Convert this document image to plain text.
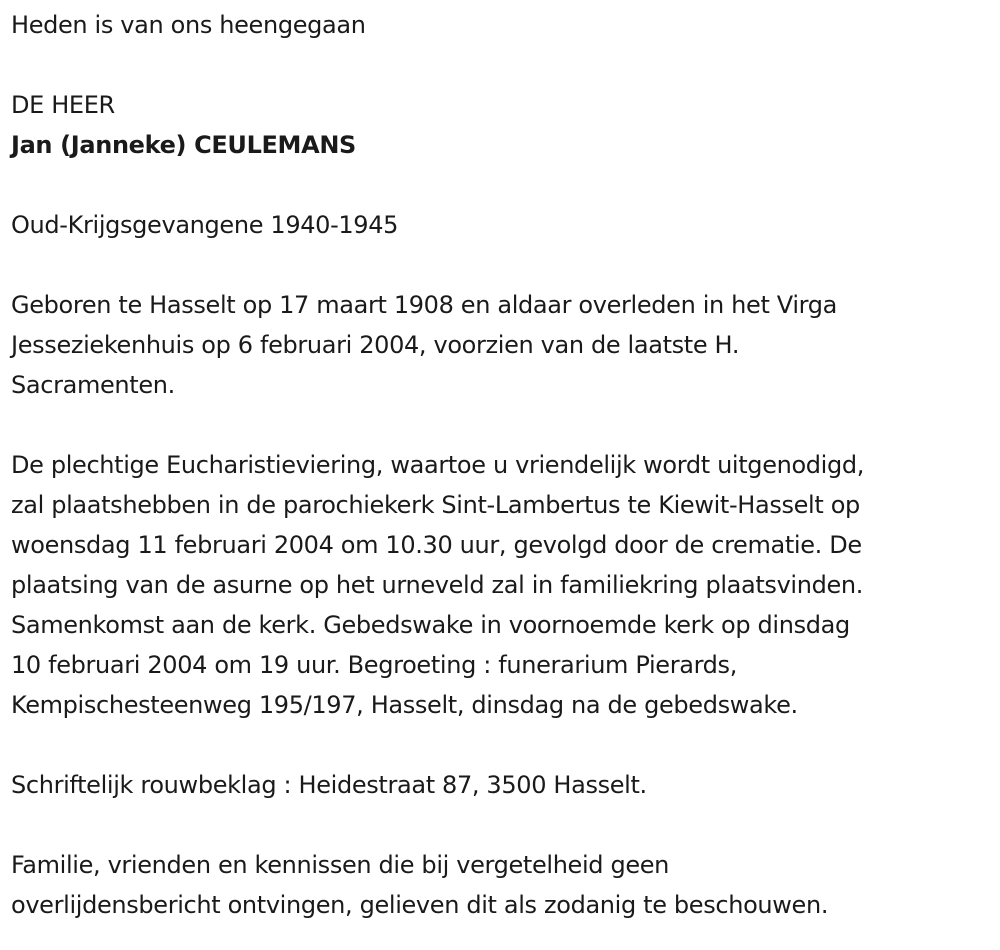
Heden is van ons heengegaan

DE HEER

Jan (Janneke) CEULEMANS

Oud-Krijgsgevangene 1940-1945

Geboren te Hasselt op 17 maart 1908 en aldaar overleden in het Virga

Jesseziekenhuis op 6 februari 2004, voorzien van de laatste H.

Sacramenten.

De plechtige Eucharistieviering, waartoe u vriendelijk wordt uitgenodigd,

zal plaatshebben in de parochiekerk Sint-Lambertus te Kiewit-Hasselt op

woensdag 11 februari 2004 om 10.30 uur, gevolgd door de crematie. De

plaatsing van de asurne op het urneveld zal in familiekring plaatsvinden.

Samenkomst aan de kerk. Gebedswake in voornoemde kerk op dinsdag

10 februari 2004 om 19 uur. Begroeting : funerarium Pierards,

Kempischesteenweg 195/197, Hasselt, dinsdag na de gebedswake.

Schriftelijk rouwbeklag : Heidestraat 87, 3500 Hasselt.

Familie, vrienden en kennissen die bij vergetelheid geen

overlijdensbericht ontvingen, gelieven dit als zodanig te beschouwen.
